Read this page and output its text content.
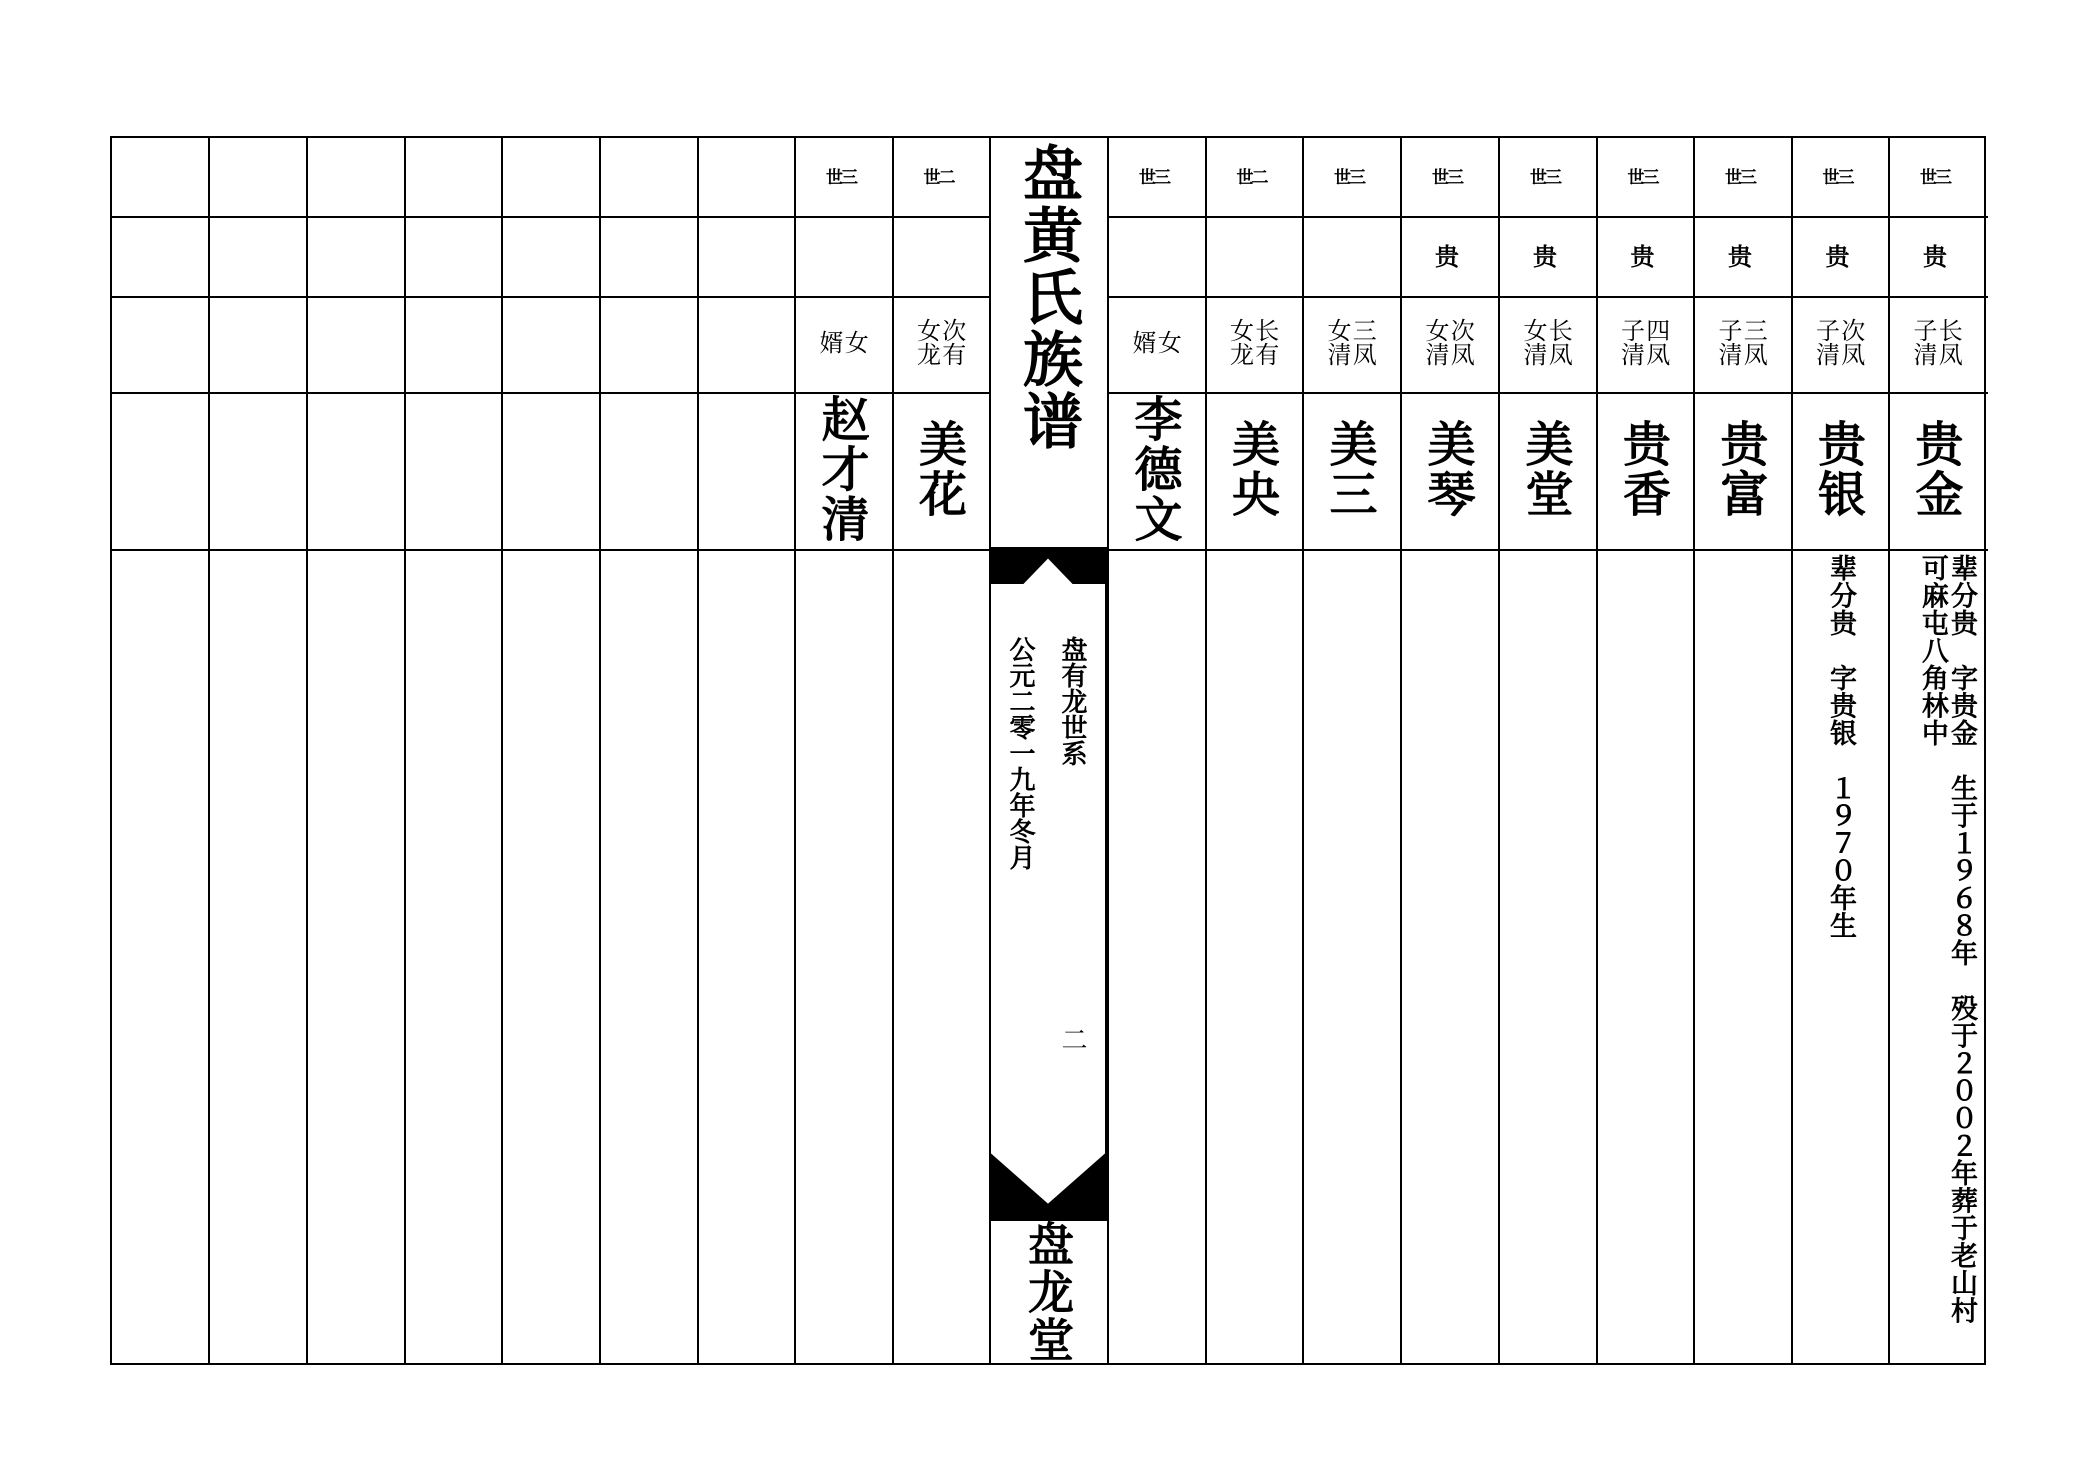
盘黄氏族谱
盘有龙世系
公元二零一九年冬月
二
盘龙堂
世三
贵
长凤
子清
贵金
世三
贵
次凤
子清
贵银
世三
贵
三凤
子清
贵富
世三
贵
四凤
子清
贵香
世三
贵
长凤
女清
美堂
世三
贵
次凤
女清
美琴
世三
三凤
女清
美三
世二
长有
女龙
美央
世三
女
婿
李德文
世二
次有
女龙
美花
世三
女
婿
赵才清
辈分贵　字贵金　生于１９６８年　殁于２００２年葬于老山村
可麻屯八角林中
辈分贵　字贵银　１９７０年生
